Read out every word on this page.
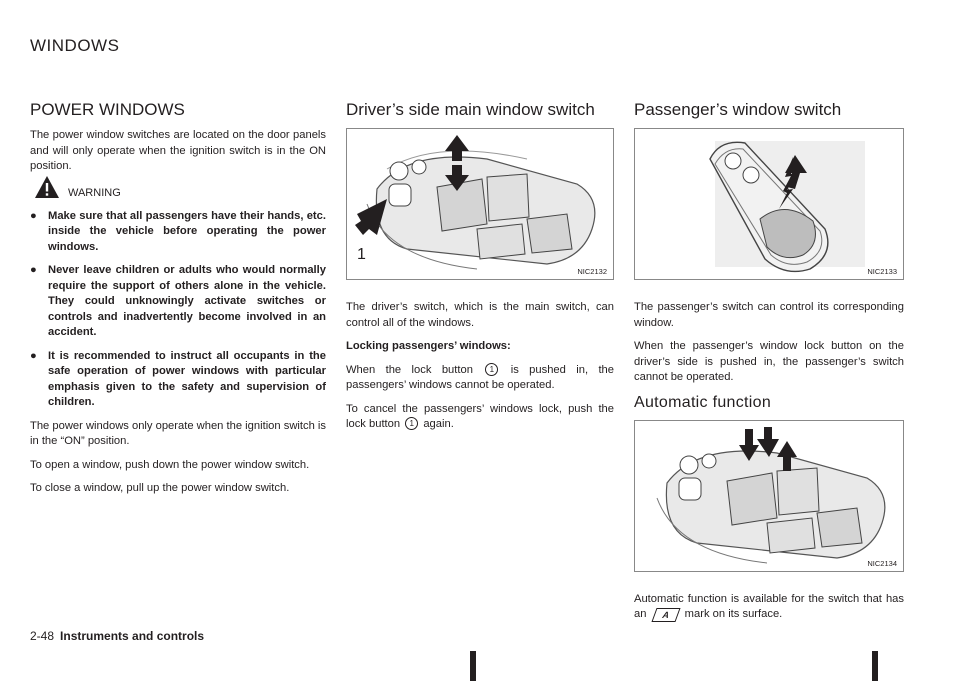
WINDOWS
POWER WINDOWS

The power window switches are located on the door panels and will only operate when the ignition switch is in the ON position.

WARNING
● Make sure that all passengers have their hands, etc. inside the vehicle before operating the power windows.
● Never leave children or adults who would normally require the support of others alone in the vehicle. They could unknowingly activate switches or controls and inadvertently become involved in an accident.
● It is recommended to instruct all occupants in the safe operation of power windows with particular emphasis given to the safety and supervision of children.

The power windows only operate when the ignition switch is in the “ON” position.

To open a window, push down the power window switch.

To close a window, pull up the power window switch.

Driver’s side main window switch
1
NIC2132

The driver’s switch, which is the main switch, can control all of the windows.

Locking passengers’ windows:

When the lock button 1 is pushed in, the passengers’ windows cannot be operated.

To cancel the passengers’ windows lock, push the lock button 1 again.

Passenger’s window switch
NIC2133

The passenger’s switch can control its corresponding window.

When the passenger’s window lock button on the driver’s side is pushed in, the passenger’s switch cannot be operated.

Automatic function
NIC2134

Automatic function is available for the switch that has an A mark on its surface.

2-48 Instruments and controls
